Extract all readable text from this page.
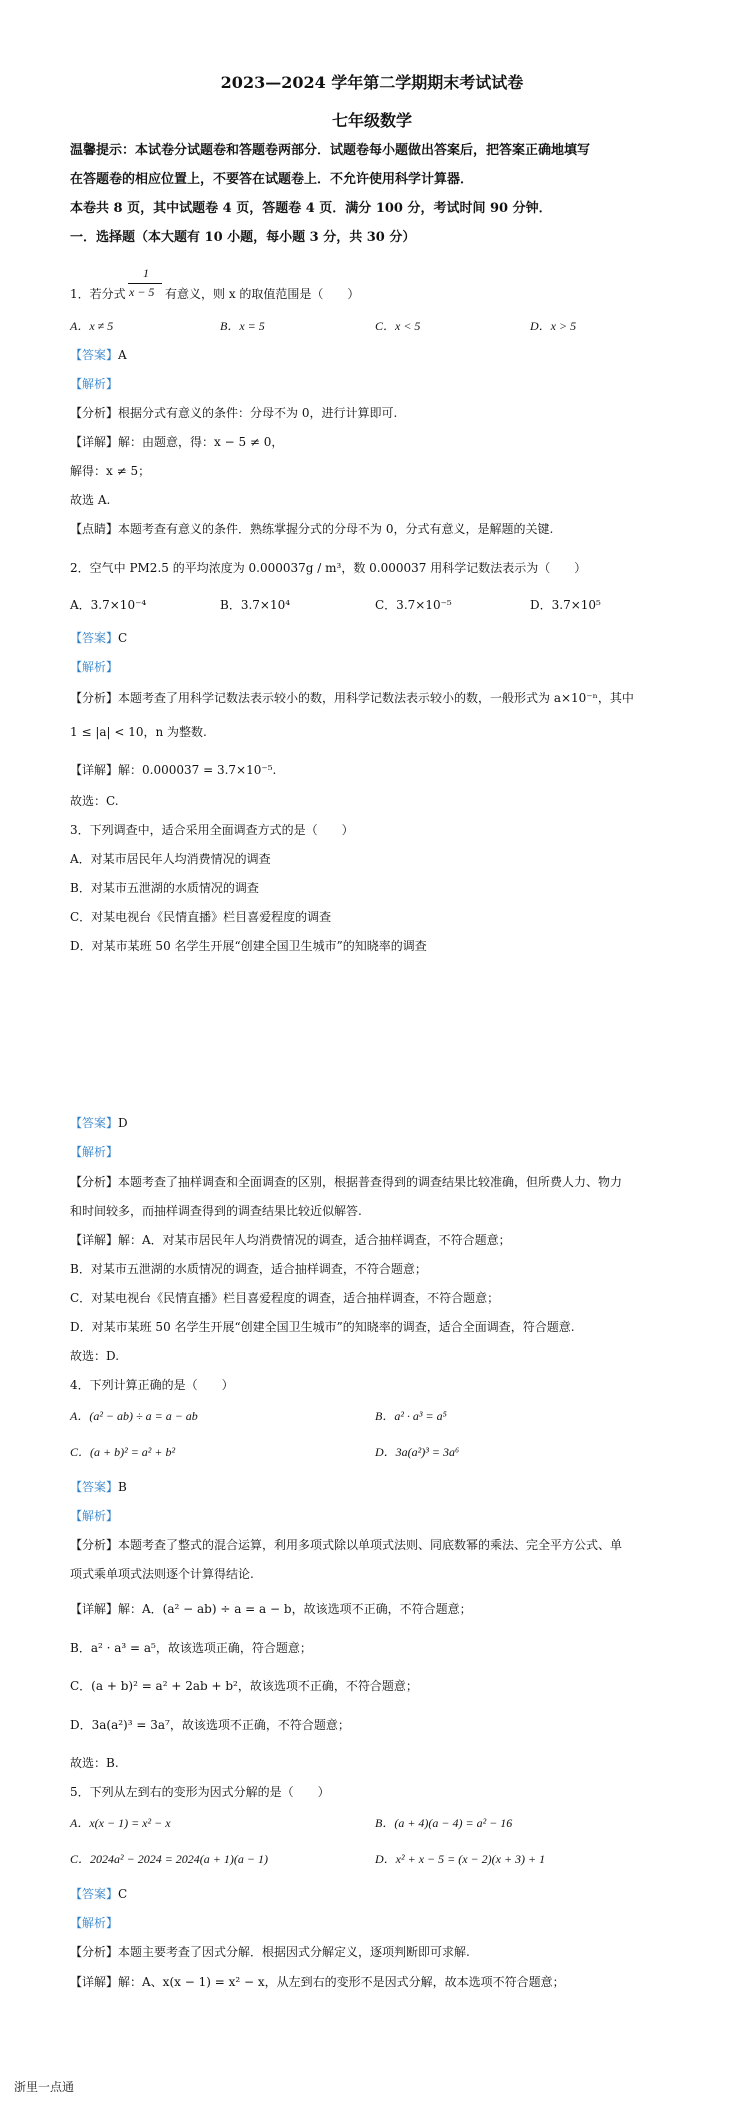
2023—2024 学年第二学期期末考试试卷
七年级数学
温馨提示：本试卷分试题卷和答题卷两部分．试题卷每小题做出答案后，把答案正确地填写
在答题卷的相应位置上，不要答在试题卷上．不允许使用科学计算器．
本卷共 8 页，其中试题卷 4 页，答题卷 4 页．满分 100 分，考试时间 90 分钟．
一．选择题（本大题有 10 小题，每小题 3 分，共 30 分）
1
x − 5
1．若分式	有意义，则 x 的取值范围是（　　）
A．x ≠ 5	B．x = 5	C．x < 5	D．x > 5
【答案】A
【解析】
【分析】根据分式有意义的条件：分母不为 0，进行计算即可.
【详解】解：由题意，得：x − 5 ≠ 0，
解得：x ≠ 5；
故选 A.
【点睛】本题考查有意义的条件．熟练掌握分式的分母不为 0，分式有意义，是解题的关键.
2．空气中 PM2.5 的平均浓度为 0.000037g / m³，数 0.000037 用科学记数法表示为（　　）
A．3.7×10⁻⁴	B．3.7×10⁴	C．3.7×10⁻⁵	D．3.7×10⁵
【答案】C
【解析】
【分析】本题考查了用科学记数法表示较小的数，用科学记数法表示较小的数，一般形式为 a×10⁻ⁿ，其中
1 ≤ |a| < 10，n 为整数.
【详解】解：0.000037 = 3.7×10⁻⁵.
故选：C.
3．下列调查中，适合采用全面调查方式的是（　　）
A．对某市居民年人均消费情况的调查
B．对某市五泄湖的水质情况的调查
C．对某电视台《民情直播》栏目喜爱程度的调查
D．对某市某班 50 名学生开展“创建全国卫生城市”的知晓率的调查
【答案】D
【解析】
【分析】本题考查了抽样调查和全面调查的区别，根据普查得到的调查结果比较准确，但所费人力、物力
和时间较多，而抽样调查得到的调查结果比较近似解答.
【详解】解：A．对某市居民年人均消费情况的调查，适合抽样调查，不符合题意；
B．对某市五泄湖的水质情况的调查，适合抽样调查，不符合题意；
C．对某电视台《民情直播》栏目喜爱程度的调查，适合抽样调查，不符合题意；
D．对某市某班 50 名学生开展“创建全国卫生城市”的知晓率的调查，适合全面调查，符合题意.
故选：D.
4．下列计算正确的是（　　）
A．(a² − ab) ÷ a = a − ab	B．a² · a³ = a⁵
C．(a + b)² = a² + b²	D．3a(a²)³ = 3a⁶
【答案】B
【解析】
【分析】本题考查了整式的混合运算，利用多项式除以单项式法则、同底数幂的乘法、完全平方公式、单
项式乘单项式法则逐个计算得结论.
【详解】解：A．(a² − ab) ÷ a = a − b，故该选项不正确，不符合题意；
B．a² · a³ = a⁵，故该选项正确，符合题意；
C．(a + b)² = a² + 2ab + b²，故该选项不正确，不符合题意；
D．3a(a²)³ = 3a⁷，故该选项不正确，不符合题意；
故选：B.
5．下列从左到右的变形为因式分解的是（　　）
A．x(x − 1) = x² − x	B．(a + 4)(a − 4) = a² − 16
C．2024a² − 2024 = 2024(a + 1)(a − 1)	D．x² + x − 5 = (x − 2)(x + 3) + 1
【答案】C
【解析】
【分析】本题主要考查了因式分解．根据因式分解定义，逐项判断即可求解.
【详解】解：A、x(x − 1) = x² − x，从左到右的变形不是因式分解，故本选项不符合题意；
浙里一点通
